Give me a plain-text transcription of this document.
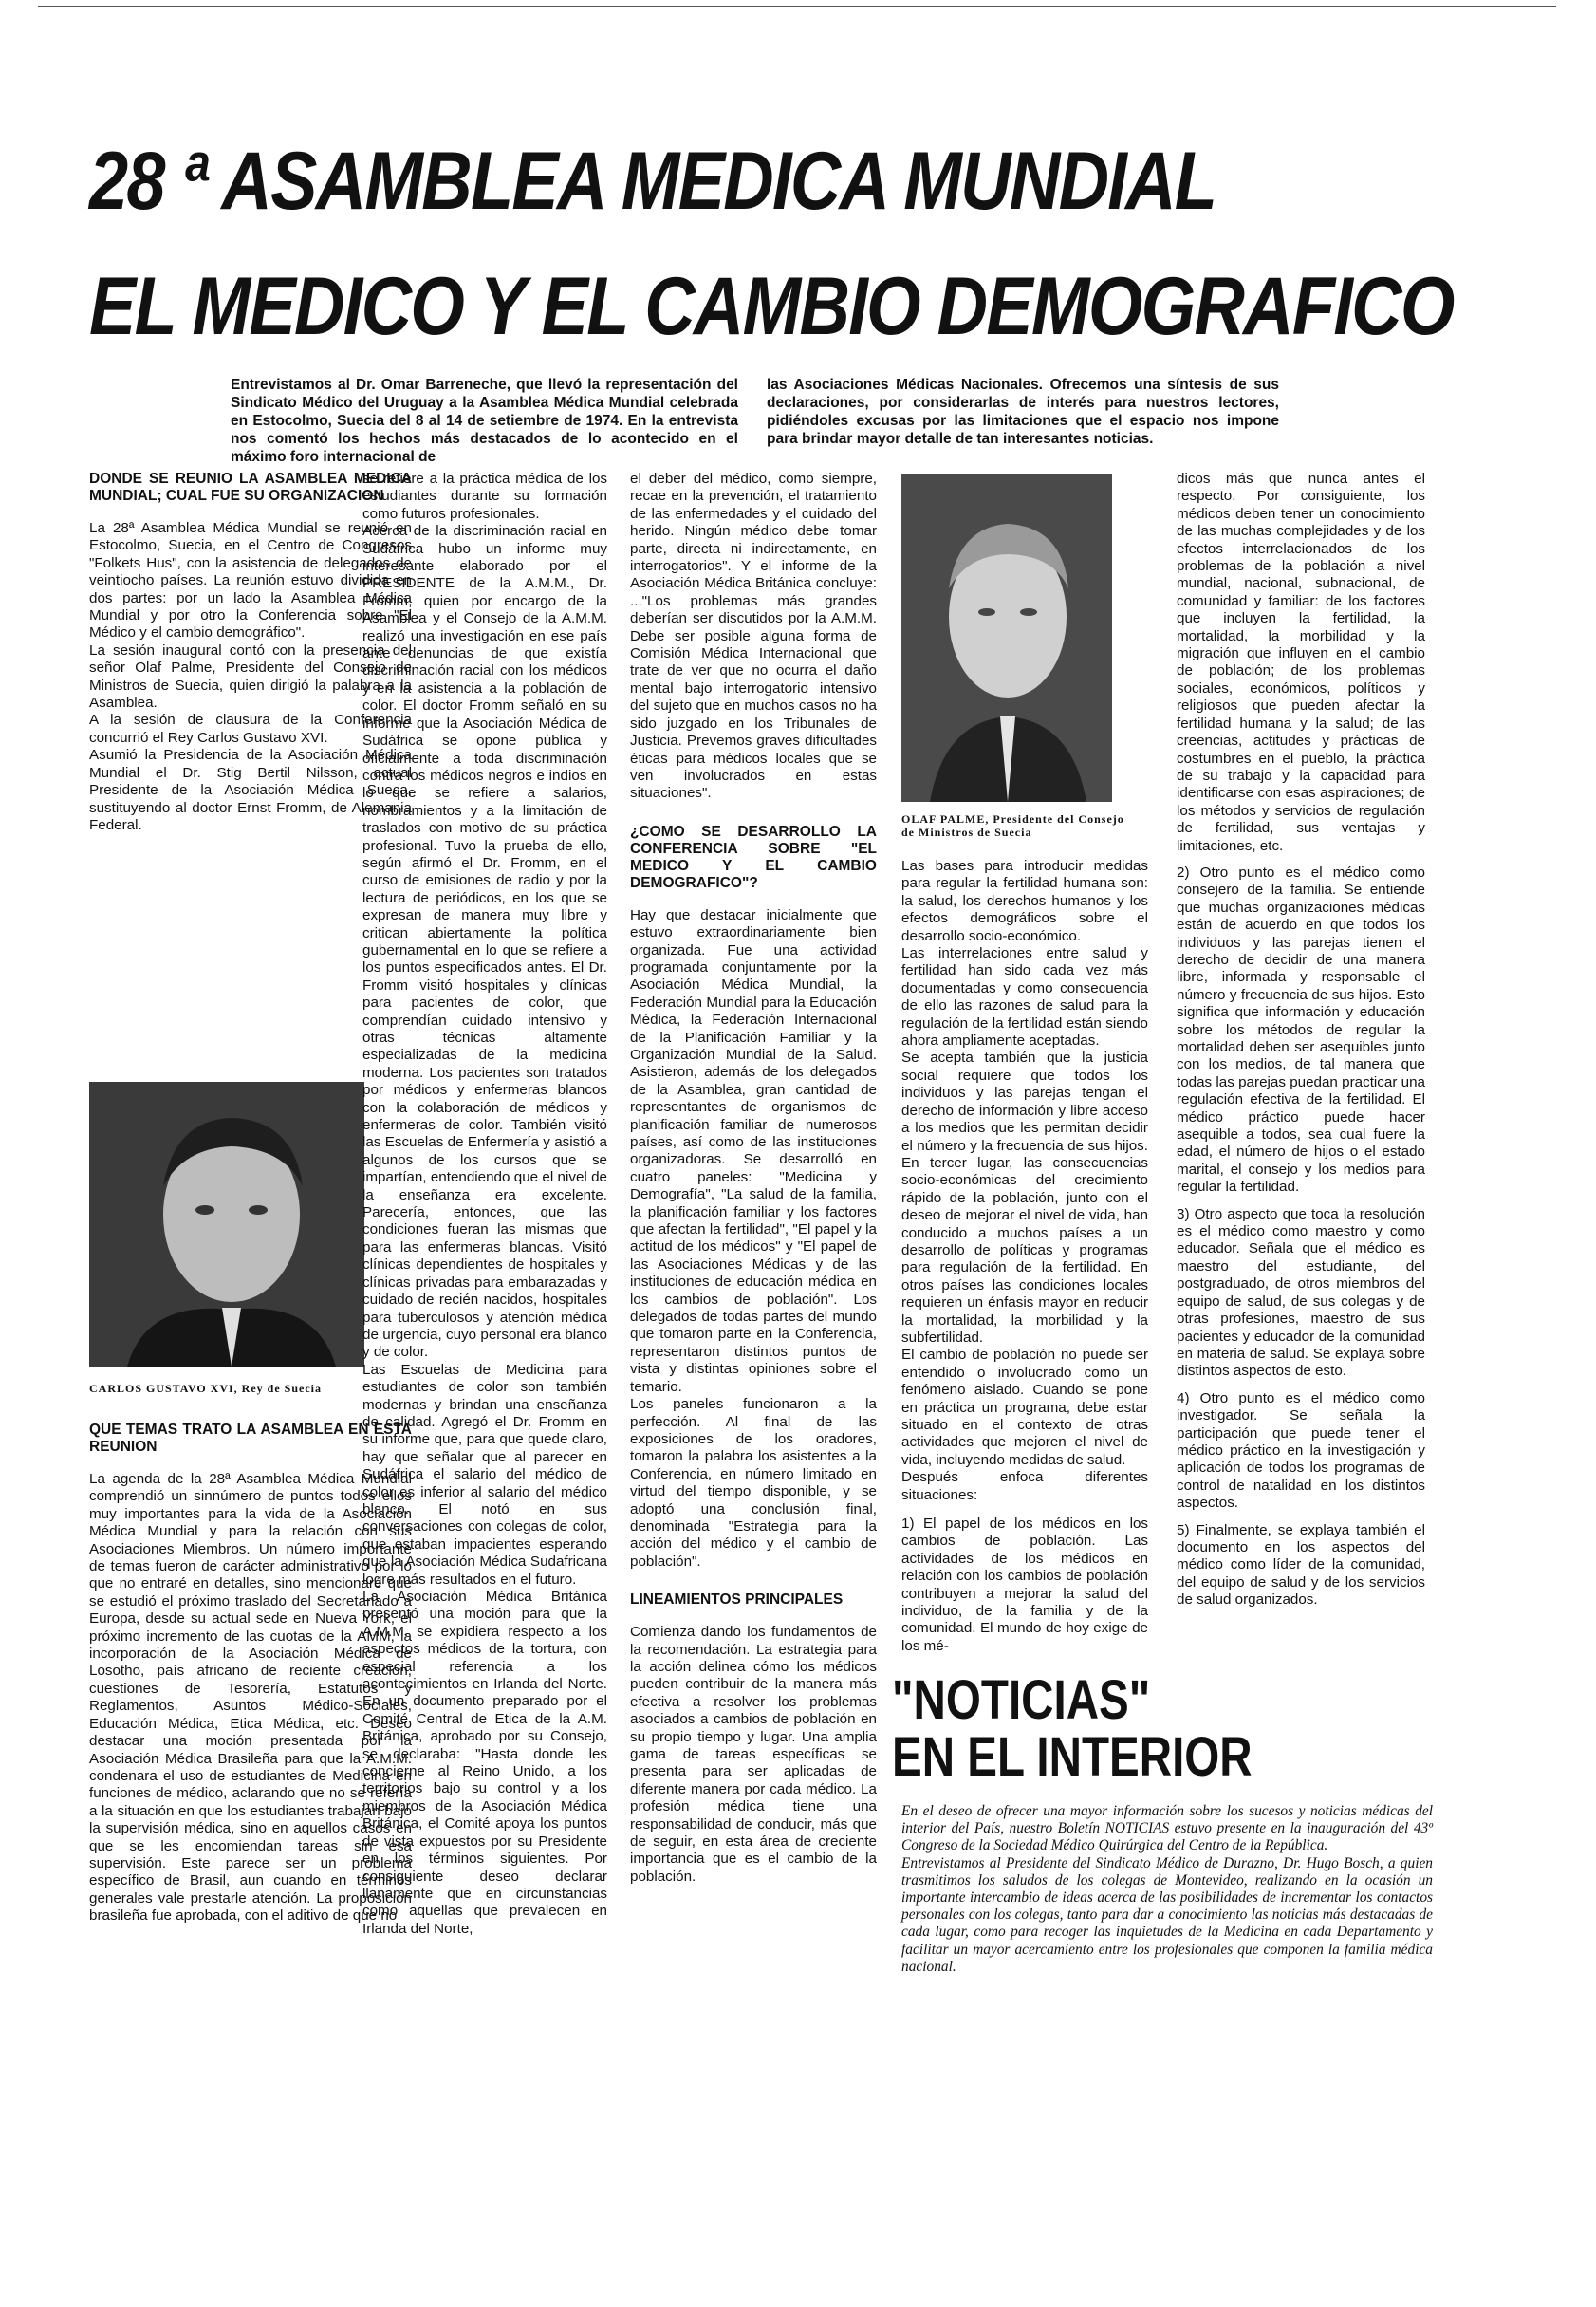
28 ª ASAMBLEA MEDICA MUNDIAL
EL MEDICO Y EL CAMBIO DEMOGRAFICO
Entrevistamos al Dr. Omar Barreneche, que llevó la representación del Sindicato Médico del Uruguay a la Asamblea Médica Mundial celebrada en Estocolmo, Suecia del 8 al 14 de setiembre de 1974. En la entrevista nos comentó los hechos más destacados de lo acontecido en el máximo foro internacional de
las Asociaciones Médicas Nacionales. Ofrecemos una síntesis de sus declaraciones, por considerarlas de interés para nuestros lectores, pidiéndoles excusas por las limitaciones que el espacio nos impone para brindar mayor detalle de tan interesantes noticias.
DONDE SE REUNIO LA ASAMBLEA MEDICA MUNDIAL; CUAL FUE SU ORGANIZACION

La 28ª Asamblea Médica Mundial se reunió en Estocolmo, Suecia, en el Centro de Congresos "Folkets Hus", con la asistencia de delegados de veintiocho países. La reunión estuvo dividida en dos partes: por un lado la Asamblea Médica Mundial y por otro la Conferencia sobre "El Médico y el cambio demográfico".

La sesión inaugural contó con la presencia del señor Olaf Palme, Presidente del Consejo de Ministros de Suecia, quien dirigió la palabra a la Asamblea.

A la sesión de clausura de la Conferencia concurrió el Rey Carlos Gustavo XVI.

Asumió la Presidencia de la Asociación Médica Mundial el Dr. Stig Bertil Nilsson, actual Presidente de la Asociación Médica Sueca, sustituyendo al doctor Ernst Fromm, de Alemania Federal.

CARLOS GUSTAVO XVI, Rey de Suecia
QUE TEMAS TRATO LA ASAMBLEA EN ESTA REUNION

La agenda de la 28ª Asamblea Médica Mundial comprendió un sinnúmero de puntos todos ellos muy importantes para la vida de la Asociación Médica Mundial y para la relación con sus Asociaciones Miembros. Un número importante de temas fueron de carácter administrativo por lo que no entraré en detalles, sino mencionaré que se estudió el próximo traslado del Secretariado a Europa, desde su actual sede en Nueva York, el próximo incremento de las cuotas de la AMM, la incorporación de la Asociación Médica de Losotho, país africano de reciente creación, cuestiones de Tesorería, Estatutos y Reglamentos, Asuntos Médico-Sociales, Educación Médica, Etica Médica, etc. Deseo destacar una moción presentada por la Asociación Médica Brasileña para que la A.M.M. condenara el uso de estudiantes de Medicina en funciones de médico, aclarando que no se refería a la situación en que los estudiantes trabajan bajo la supervisión médica, sino en aquellos casos en que se les encomiendan tareas sin esa supervisión. Este parece ser un problema específico de Brasil, aun cuando en términos generales vale prestarle atención. La proposición brasileña fue aprobada, con el aditivo de que no

se refiere a la práctica médica de los estudiantes durante su formación como futuros profesionales.

Acerca de la discriminación racial en Sudáfrica hubo un informe muy interesante elaborado por el PRESIDENTE de la A.M.M., Dr. Fromm, quien por encargo de la Asamblea y el Consejo de la A.M.M. realizó una investigación en ese país ante denuncias de que existía discriminación racial con los médicos y en la asistencia a la población de color. El doctor Fromm señaló en su informe que la Asociación Médica de Sudáfrica se opone pública y oficialmente a toda discriminación contra los médicos negros e indios en lo que se refiere a salarios, nombramientos y a la limitación de traslados con motivo de su práctica profesional. Tuvo la prueba de ello, según afirmó el Dr. Fromm, en el curso de emisiones de radio y por la lectura de periódicos, en los que se expresan de manera muy libre y critican abiertamente la política gubernamental en lo que se refiere a los puntos especificados antes. El Dr. Fromm visitó hospitales y clínicas para pacientes de color, que comprendían cuidado intensivo y otras técnicas altamente especializadas de la medicina moderna. Los pacientes son tratados por médicos y enfermeras blancos con la colaboración de médicos y enfermeras de color. También visitó las Escuelas de Enfermería y asistió a algunos de los cursos que se impartían, entendiendo que el nivel de la enseñanza era excelente. Parecería, entonces, que las condiciones fueran las mismas que para las enfermeras blancas. Visitó clínicas dependientes de hospitales y clínicas privadas para embarazadas y cuidado de recién nacidos, hospitales para tuberculosos y atención médica de urgencia, cuyo personal era blanco y de color.

Las Escuelas de Medicina para estudiantes de color son también modernas y brindan una enseñanza de calidad. Agregó el Dr. Fromm en su informe que, para que quede claro, hay que señalar que al parecer en Sudáfrica el salario del médico de color es inferior al salario del médico blanco. El notó en sus conversaciones con colegas de color, que estaban impacientes esperando que la Asociación Médica Sudafricana logre más resultados en el futuro.

La Asociación Médica Británica presentó una moción para que la A.M.M. se expidiera respecto a los aspectos médicos de la tortura, con especial referencia a los acontecimientos en Irlanda del Norte. En un documento preparado por el Comité Central de Etica de la A.M. Británica, aprobado por su Consejo, se declaraba: "Hasta donde les concierne al Reino Unido, a los territorios bajo su control y a los miembros de la Asociación Médica Británica, el Comité apoya los puntos de vista expuestos por su Presidente en los términos siguientes. Por consiguiente deseo declarar llanamente que en circunstancias como aquellas que prevalecen en Irlanda del Norte,

el deber del médico, como siempre, recae en la prevención, el tratamiento de las enfermedades y el cuidado del herido. Ningún médico debe tomar parte, directa ni indirectamente, en interrogatorios". Y el informe de la Asociación Médica Británica concluye: ..."Los problemas más grandes deberían ser discutidos por la A.M.M. Debe ser posible alguna forma de Comisión Médica Internacional que trate de ver que no ocurra el daño mental bajo interrogatorio intensivo del sujeto que en muchos casos no ha sido juzgado en los Tribunales de Justicia. Prevemos graves dificultades éticas para médicos locales que se ven involucrados en estas situaciones".

¿COMO SE DESARROLLO LA CONFERENCIA SOBRE "EL MEDICO Y EL CAMBIO DEMOGRAFICO"?

Hay que destacar inicialmente que estuvo extraordinariamente bien organizada. Fue una actividad programada conjuntamente por la Asociación Médica Mundial, la Federación Mundial para la Educación Médica, la Federación Internacional de la Planificación Familiar y la Organización Mundial de la Salud. Asistieron, además de los delegados de la Asamblea, gran cantidad de representantes de organismos de planificación familiar de numerosos países, así como de las instituciones organizadoras. Se desarrolló en cuatro paneles: "Medicina y Demografía", "La salud de la familia, la planificación familiar y los factores que afectan la fertilidad", "El papel y la actitud de los médicos" y "El papel de las Asociaciones Médicas y de las instituciones de educación médica en los cambios de población". Los delegados de todas partes del mundo que tomaron parte en la Conferencia, representaron distintos puntos de vista y distintas opiniones sobre el temario.

Los paneles funcionaron a la perfección. Al final de las exposiciones de los oradores, tomaron la palabra los asistentes a la Conferencia, en número limitado en virtud del tiempo disponible, y se adoptó una conclusión final, denominada "Estrategia para la acción del médico y el cambio de población".

LINEAMIENTOS PRINCIPALES

Comienza dando los fundamentos de la recomendación. La estrategia para la acción delinea cómo los médicos pueden contribuir de la manera más efectiva a resolver los problemas asociados a cambios de población en su propio tiempo y lugar. Una amplia gama de tareas específicas se presenta para ser aplicadas de diferente manera por cada médico. La profesión médica tiene una responsabilidad de conducir, más que de seguir, en esta área de creciente importancia que es el cambio de la población.

OLAF PALME, Presidente del Consejo de Ministros de Suecia

Las bases para introducir medidas para regular la fertilidad humana son: la salud, los derechos humanos y los efectos demográficos sobre el desarrollo socio-económico.

Las interrelaciones entre salud y fertilidad han sido cada vez más documentadas y como consecuencia de ello las razones de salud para la regulación de la fertilidad están siendo ahora ampliamente aceptadas.

Se acepta también que la justicia social requiere que todos los individuos y las parejas tengan el derecho de información y libre acceso a los medios que les permitan decidir el número y la frecuencia de sus hijos. En tercer lugar, las consecuencias socio-económicas del crecimiento rápido de la población, junto con el deseo de mejorar el nivel de vida, han conducido a muchos países a un desarrollo de políticas y programas para regulación de la fertilidad. En otros países las condiciones locales requieren un énfasis mayor en reducir la mortalidad, la morbilidad y la subfertilidad.

El cambio de población no puede ser entendido o involucrado como un fenómeno aislado. Cuando se pone en práctica un programa, debe estar situado en el contexto de otras actividades que mejoren el nivel de vida, incluyendo medidas de salud.

Después enfoca diferentes situaciones:

1) El papel de los médicos en los cambios de población. Las actividades de los médicos en relación con los cambios de población contribuyen a mejorar la salud del individuo, de la familia y de la comunidad. El mundo de hoy exige de los mé-

dicos más que nunca antes el respecto. Por consiguiente, los médicos deben tener un conocimiento de las muchas complejidades y de los efectos interrelacionados de los problemas de la población a nivel mundial, nacional, subnacional, de comunidad y familiar: de los factores que incluyen la fertilidad, la mortalidad, la morbilidad y la migración que influyen en el cambio de población; de los problemas sociales, económicos, políticos y religiosos que pueden afectar la fertilidad humana y la salud; de las creencias, actitudes y prácticas de costumbres en el pueblo, la práctica de su trabajo y la capacidad para identificarse con esas aspiraciones; de los métodos y servicios de regulación de fertilidad, sus ventajas y limitaciones, etc.

2) Otro punto es el médico como consejero de la familia. Se entiende que muchas organizaciones médicas están de acuerdo en que todos los individuos y las parejas tienen el derecho de decidir de una manera libre, informada y responsable el número y frecuencia de sus hijos. Esto significa que información y educación sobre los métodos de regular la mortalidad deben ser asequibles junto con los medios, de tal manera que todas las parejas puedan practicar una regulación efectiva de la fertilidad. El médico práctico puede hacer asequible a todos, sea cual fuere la edad, el número de hijos o el estado marital, el consejo y los medios para regular la fertilidad.

3) Otro aspecto que toca la resolución es el médico como maestro y como educador. Señala que el médico es maestro del estudiante, del postgraduado, de otros miembros del equipo de salud, de sus colegas y de otras profesiones, maestro de sus pacientes y educador de la comunidad en materia de salud. Se explaya sobre distintos aspectos de esto.

4) Otro punto es el médico como investigador. Se señala la participación que puede tener el médico práctico en la investigación y aplicación de todos los programas de control de natalidad en los distintos aspectos.

5) Finalmente, se explaya también el documento en los aspectos del médico como líder de la comunidad, del equipo de salud y de los servicios de salud organizados.

"NOTICIAS"
EN EL INTERIOR

En el deseo de ofrecer una mayor información sobre los sucesos y noticias médicas del interior del País, nuestro Boletín NOTICIAS estuvo presente en la inauguración del 43º Congreso de la Sociedad Médico Quirúrgica del Centro de la República.

Entrevistamos al Presidente del Sindicato Médico de Durazno, Dr. Hugo Bosch, a quien trasmitimos los saludos de los colegas de Montevideo, realizando en la ocasión un importante intercambio de ideas acerca de las posibilidades de incrementar los contactos personales con los colegas, tanto para dar a conocimiento las noticias más destacadas de cada lugar, como para recoger las inquietudes de la Medicina en cada Departamento y facilitar un mayor acercamiento entre los profesionales que componen la familia médica nacional.
